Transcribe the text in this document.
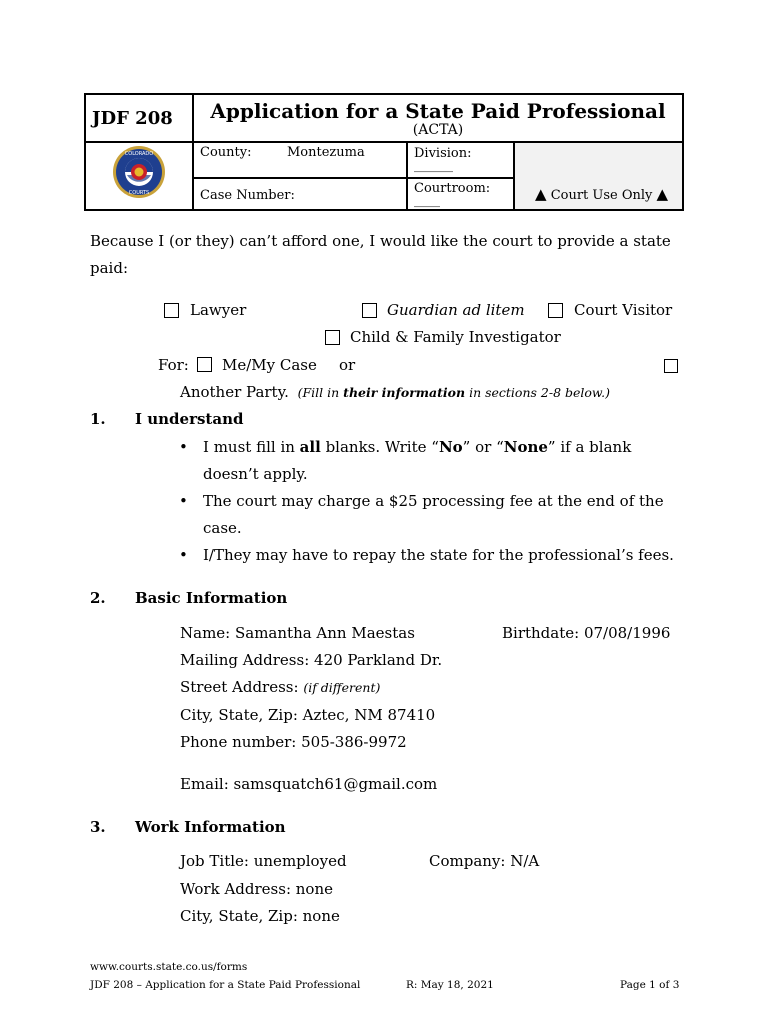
▲ Court Use Only ▲
JDF 208	Application for a State Paid Professional
(ACTA)
COLORADO
COURTS
County:	Montezuma
Case Number:
Division:
______
Courtroom:
____
Because I (or they) can’t afford one, I would like the court to provide a state
paid:
Lawyer	Guardian ad litem	Court Visitor
Child & Family Investigator
For: Me/My Case or
Another Party. (Fill in their information in sections 2-8 below.)
1. I understand
• I must fill in all blanks. Write “No” or “None” if a blank
doesn’t apply.
• The court may charge a $25 processing fee at the end of the
case.
• I/They may have to repay the state for the professional’s fees.
2. Basic Information
Name: Samantha Ann Maestas	Birthdate: 07/08/1996
Mailing Address: 420 Parkland Dr.
Street Address: (if different)
City, State, Zip: Aztec, NM 87410
Phone number: 505-386-9972
Email: samsquatch61@gmail.com
3. Work Information
Job Title: unemployed	Company: N/A
Work Address: none
City, State, Zip: none
www.courts.state.co.us/forms
JDF 208 – Application for a State Paid Professional	R: May 18, 2021	Page 1 of 3
